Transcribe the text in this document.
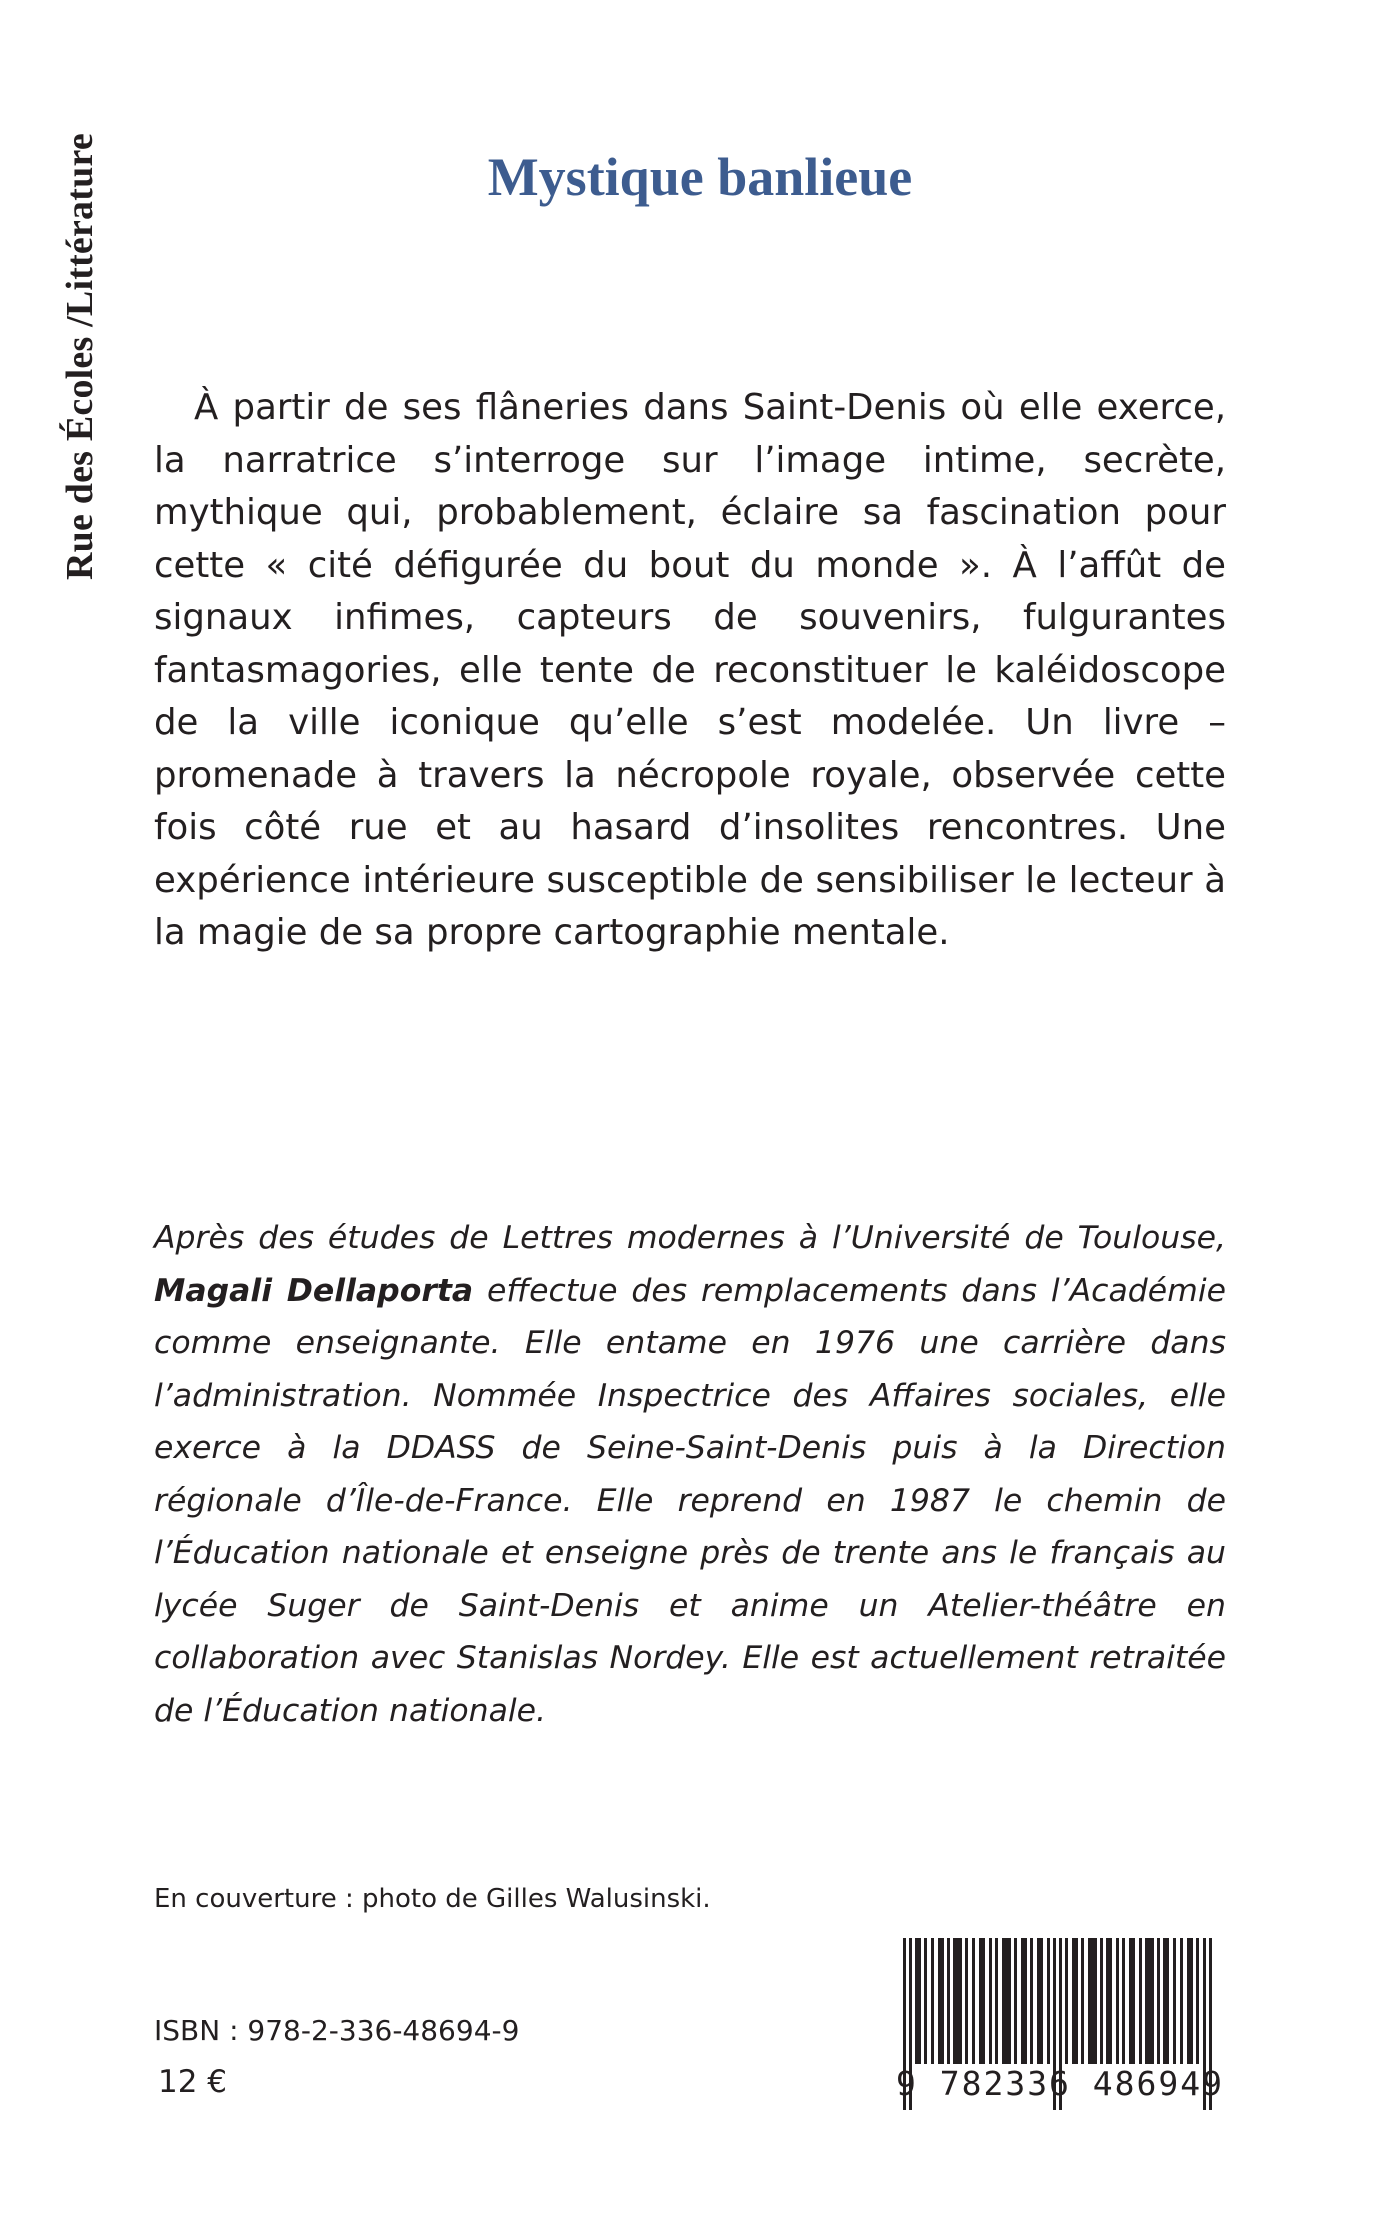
Rue des Écoles /Littérature	Mystique banlieue

À partir de ses flâneries dans Saint-Denis où elle exerce, la narratrice s’interroge sur l’image intime, secrète, mythique qui, probablement, éclaire sa fascination pour cette « cité défigurée du bout du monde ». À l’affût de signaux infimes, capteurs de souvenirs, fulgurantes fantasmagories, elle tente de reconstituer le kaléidoscope de la ville iconique qu’elle s’est modelée. Un livre – promenade à travers la nécropole royale, observée cette fois côté rue et au hasard d’insolites rencontres. Une expérience intérieure susceptible de sensibiliser le lecteur à la magie de sa propre cartographie mentale.

Après des études de Lettres modernes à l’Université de Toulouse, Magali Dellaporta effectue des remplacements dans l’Académie comme enseignante. Elle entame en 1976 une carrière dans l’administration. Nommée Inspectrice des Affaires sociales, elle exerce à la DDASS de Seine-Saint-Denis puis à la Direction régionale d’Île-de-France. Elle reprend en 1987 le chemin de l’Éducation nationale et enseigne près de trente ans le français au lycée Suger de Saint-Denis et anime un Atelier-théâtre en collaboration avec Stanislas Nordey. Elle est actuellement retraitée de l’Éducation nationale.

En couverture : photo de Gilles Walusinski.

ISBN : 978-2-336-48694-9

12 €	9 782336 486949
